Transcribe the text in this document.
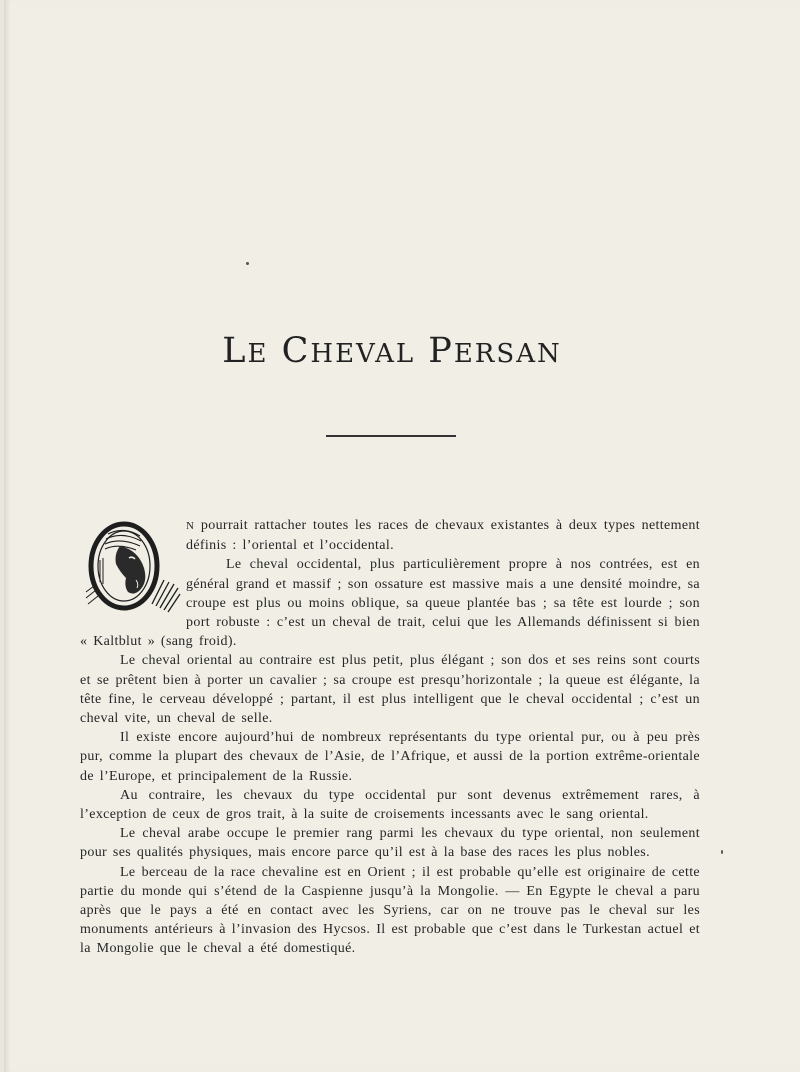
LE CHEVAL PERSAN

N pourrait rattacher toutes les races de chevaux existantes à deux types nettement définis : l’oriental et l’occidental.

Le cheval occidental, plus particulièrement propre à nos contrées, est en général grand et massif ; son ossature est massive mais a une densité moindre, sa croupe est plus ou moins oblique, sa queue plantée bas ; sa tête est lourde ; son port robuste : c’est un cheval de trait, celui que les Allemands définissent si bien « Kaltblut » (sang froid).

Le cheval oriental au contraire est plus petit, plus élégant ; son dos et ses reins sont courts et se prêtent bien à porter un cavalier ; sa croupe est presqu’horizontale ; la queue est élégante, la tête fine, le cerveau développé ; partant, il est plus intelligent que le cheval occidental ; c’est un cheval vite, un cheval de selle.

Il existe encore aujourd’hui de nombreux représentants du type oriental pur, ou à peu près pur, comme la plupart des chevaux de l’Asie, de l’Afrique, et aussi de la portion extrême-orientale de l’Europe, et principalement de la Russie.

Au contraire, les chevaux du type occidental pur sont devenus extrêmement rares, à l’exception de ceux de gros trait, à la suite de croisements incessants avec le sang oriental.

Le cheval arabe occupe le premier rang parmi les chevaux du type oriental, non seulement pour ses qualités physiques, mais encore parce qu’il est à la base des races les plus nobles.

Le berceau de la race chevaline est en Orient ; il est probable qu’elle est originaire de cette partie du monde qui s’étend de la Caspienne jusqu’à la Mongolie. — En Egypte le cheval a paru après que le pays a été en contact avec les Syriens, car on ne trouve pas le cheval sur les monuments antérieurs à l’invasion des Hycsos. Il est probable que c’est dans le Turkestan actuel et la Mongolie que le cheval a été domestiqué.
